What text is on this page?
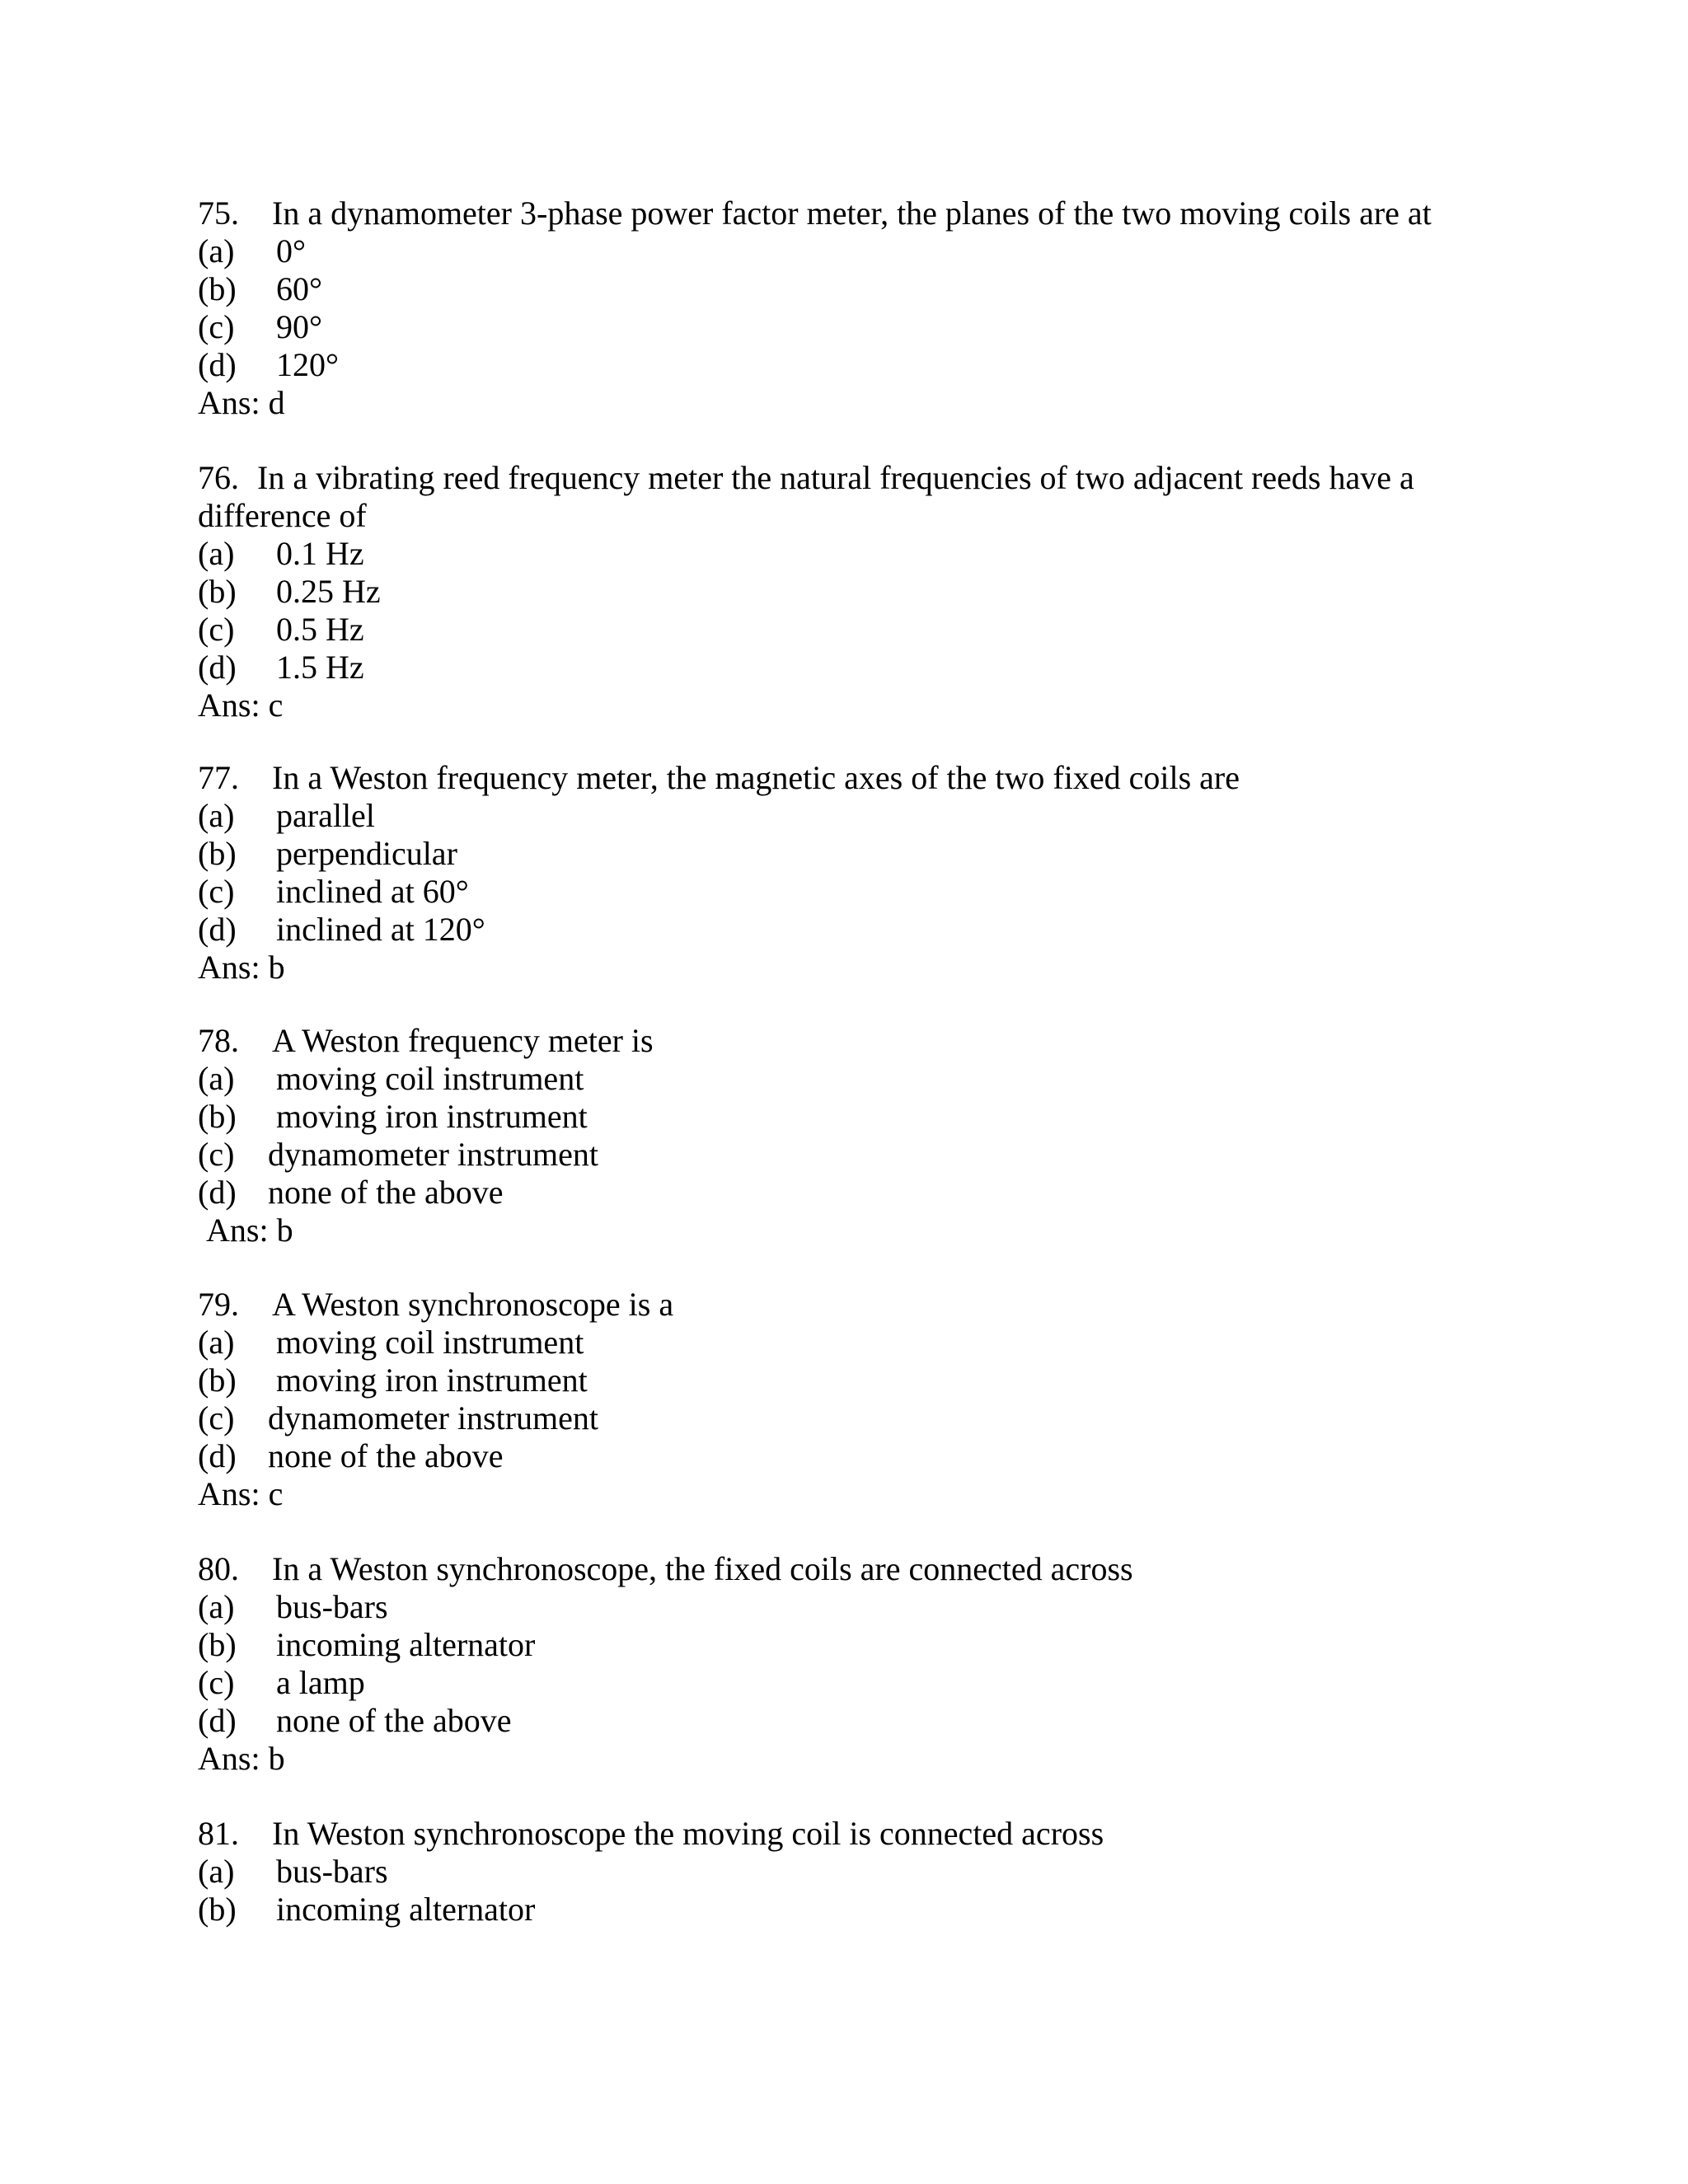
75. In a dynamometer 3-phase power factor meter, the planes of the two moving coils are at
(a) 0°
(b) 60°
(c) 90°
(d) 120°
Ans: d
76. In a vibrating reed frequency meter the natural frequencies of two adjacent reeds have a difference of
(a) 0.1 Hz
(b) 0.25 Hz
(c) 0.5 Hz
(d) 1.5 Hz
Ans: c
77. In a Weston frequency meter, the magnetic axes of the two fixed coils are
(a) parallel
(b) perpendicular
(c) inclined at 60°
(d) inclined at 120°
Ans: b
78. A Weston frequency meter is
(a) moving coil instrument
(b) moving iron instrument
(c) dynamometer instrument
(d) none of the above
Ans: b
79. A Weston synchronoscope is a
(a) moving coil instrument
(b) moving iron instrument
(c) dynamometer instrument
(d) none of the above
Ans: c
80. In a Weston synchronoscope, the fixed coils are connected across
(a) bus-bars
(b) incoming alternator
(c) a lamp
(d) none of the above
Ans: b
81. In Weston synchronoscope the moving coil is connected across
(a) bus-bars
(b) incoming alternator
